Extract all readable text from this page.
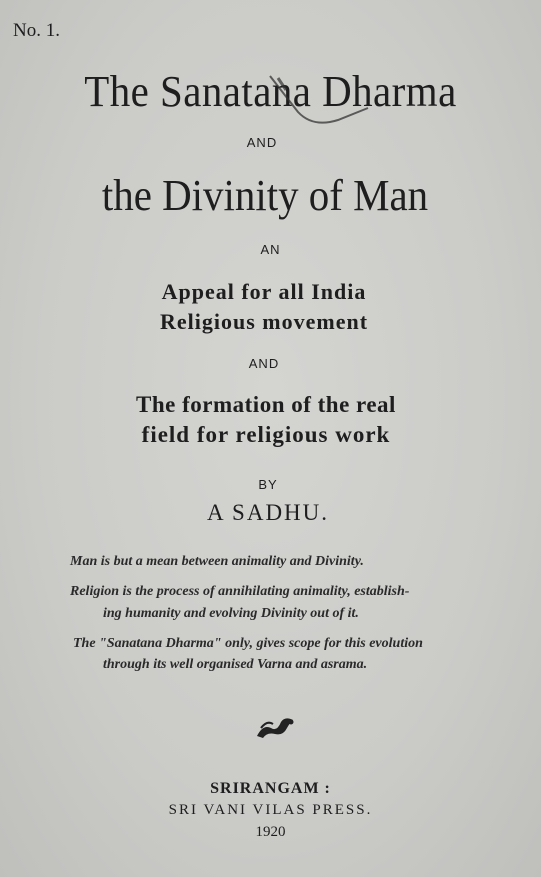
No. 1.
The Sanatana Dharma
AND
the Divinity of Man
AN
Appeal for all India
Religious movement
AND
The formation of the real
field for religious work
BY
A SADHU.
Man is but a mean between animality and Divinity.
Religion is the process of annihilating animality, establish-
ing humanity and evolving Divinity out of it.
The "Sanatana Dharma" only, gives scope for this evolution
through its well organised Varna and asrama.
SRIRANGAM :
SRI VANI VILAS PRESS.
1920
